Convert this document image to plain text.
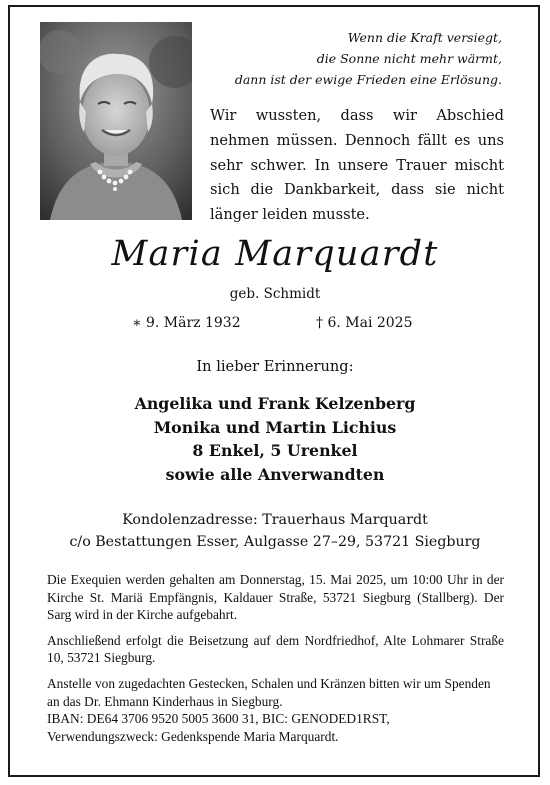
Wenn die Kraft versiegt,
die Sonne nicht mehr wärmt,
dann ist der ewige Frieden eine Erlösung.
Wir wussten, dass wir Abschied nehmen müssen. Dennoch fällt es uns sehr schwer. In unsere Trauer mischt sich die Dankbarkeit, dass sie nicht länger leiden musste.
Maria Marquardt
geb. Schmidt
∗ 9. März 1932	† 6. Mai 2025
In lieber Erinnerung:
Angelika und Frank Kelzenberg
Monika und Martin Lichius
8 Enkel, 5 Urenkel
sowie alle Anverwandten
Kondolenzadresse: Trauerhaus Marquardt
c/o Bestattungen Esser, Aulgasse 27–29, 53721 Siegburg

Die Exequien werden gehalten am Donnerstag, 15. Mai 2025, um 10:00 Uhr in der Kirche St. Mariä Empfängnis, Kaldauer Straße, 53721 Siegburg (Stallberg). Der Sarg wird in der Kirche aufgebahrt.

Anschließend erfolgt die Beisetzung auf dem Nordfriedhof, Alte Lohmarer Straße 10, 53721 Siegburg.

Anstelle von zugedachten Gestecken, Schalen und Kränzen bitten wir um Spenden an das Dr. Ehmann Kinderhaus in Siegburg.
IBAN: DE64 3706 9520 5005 3600 31, BIC: GENODED1RST,
Verwendungszweck: Gedenkspende Maria Marquardt.
